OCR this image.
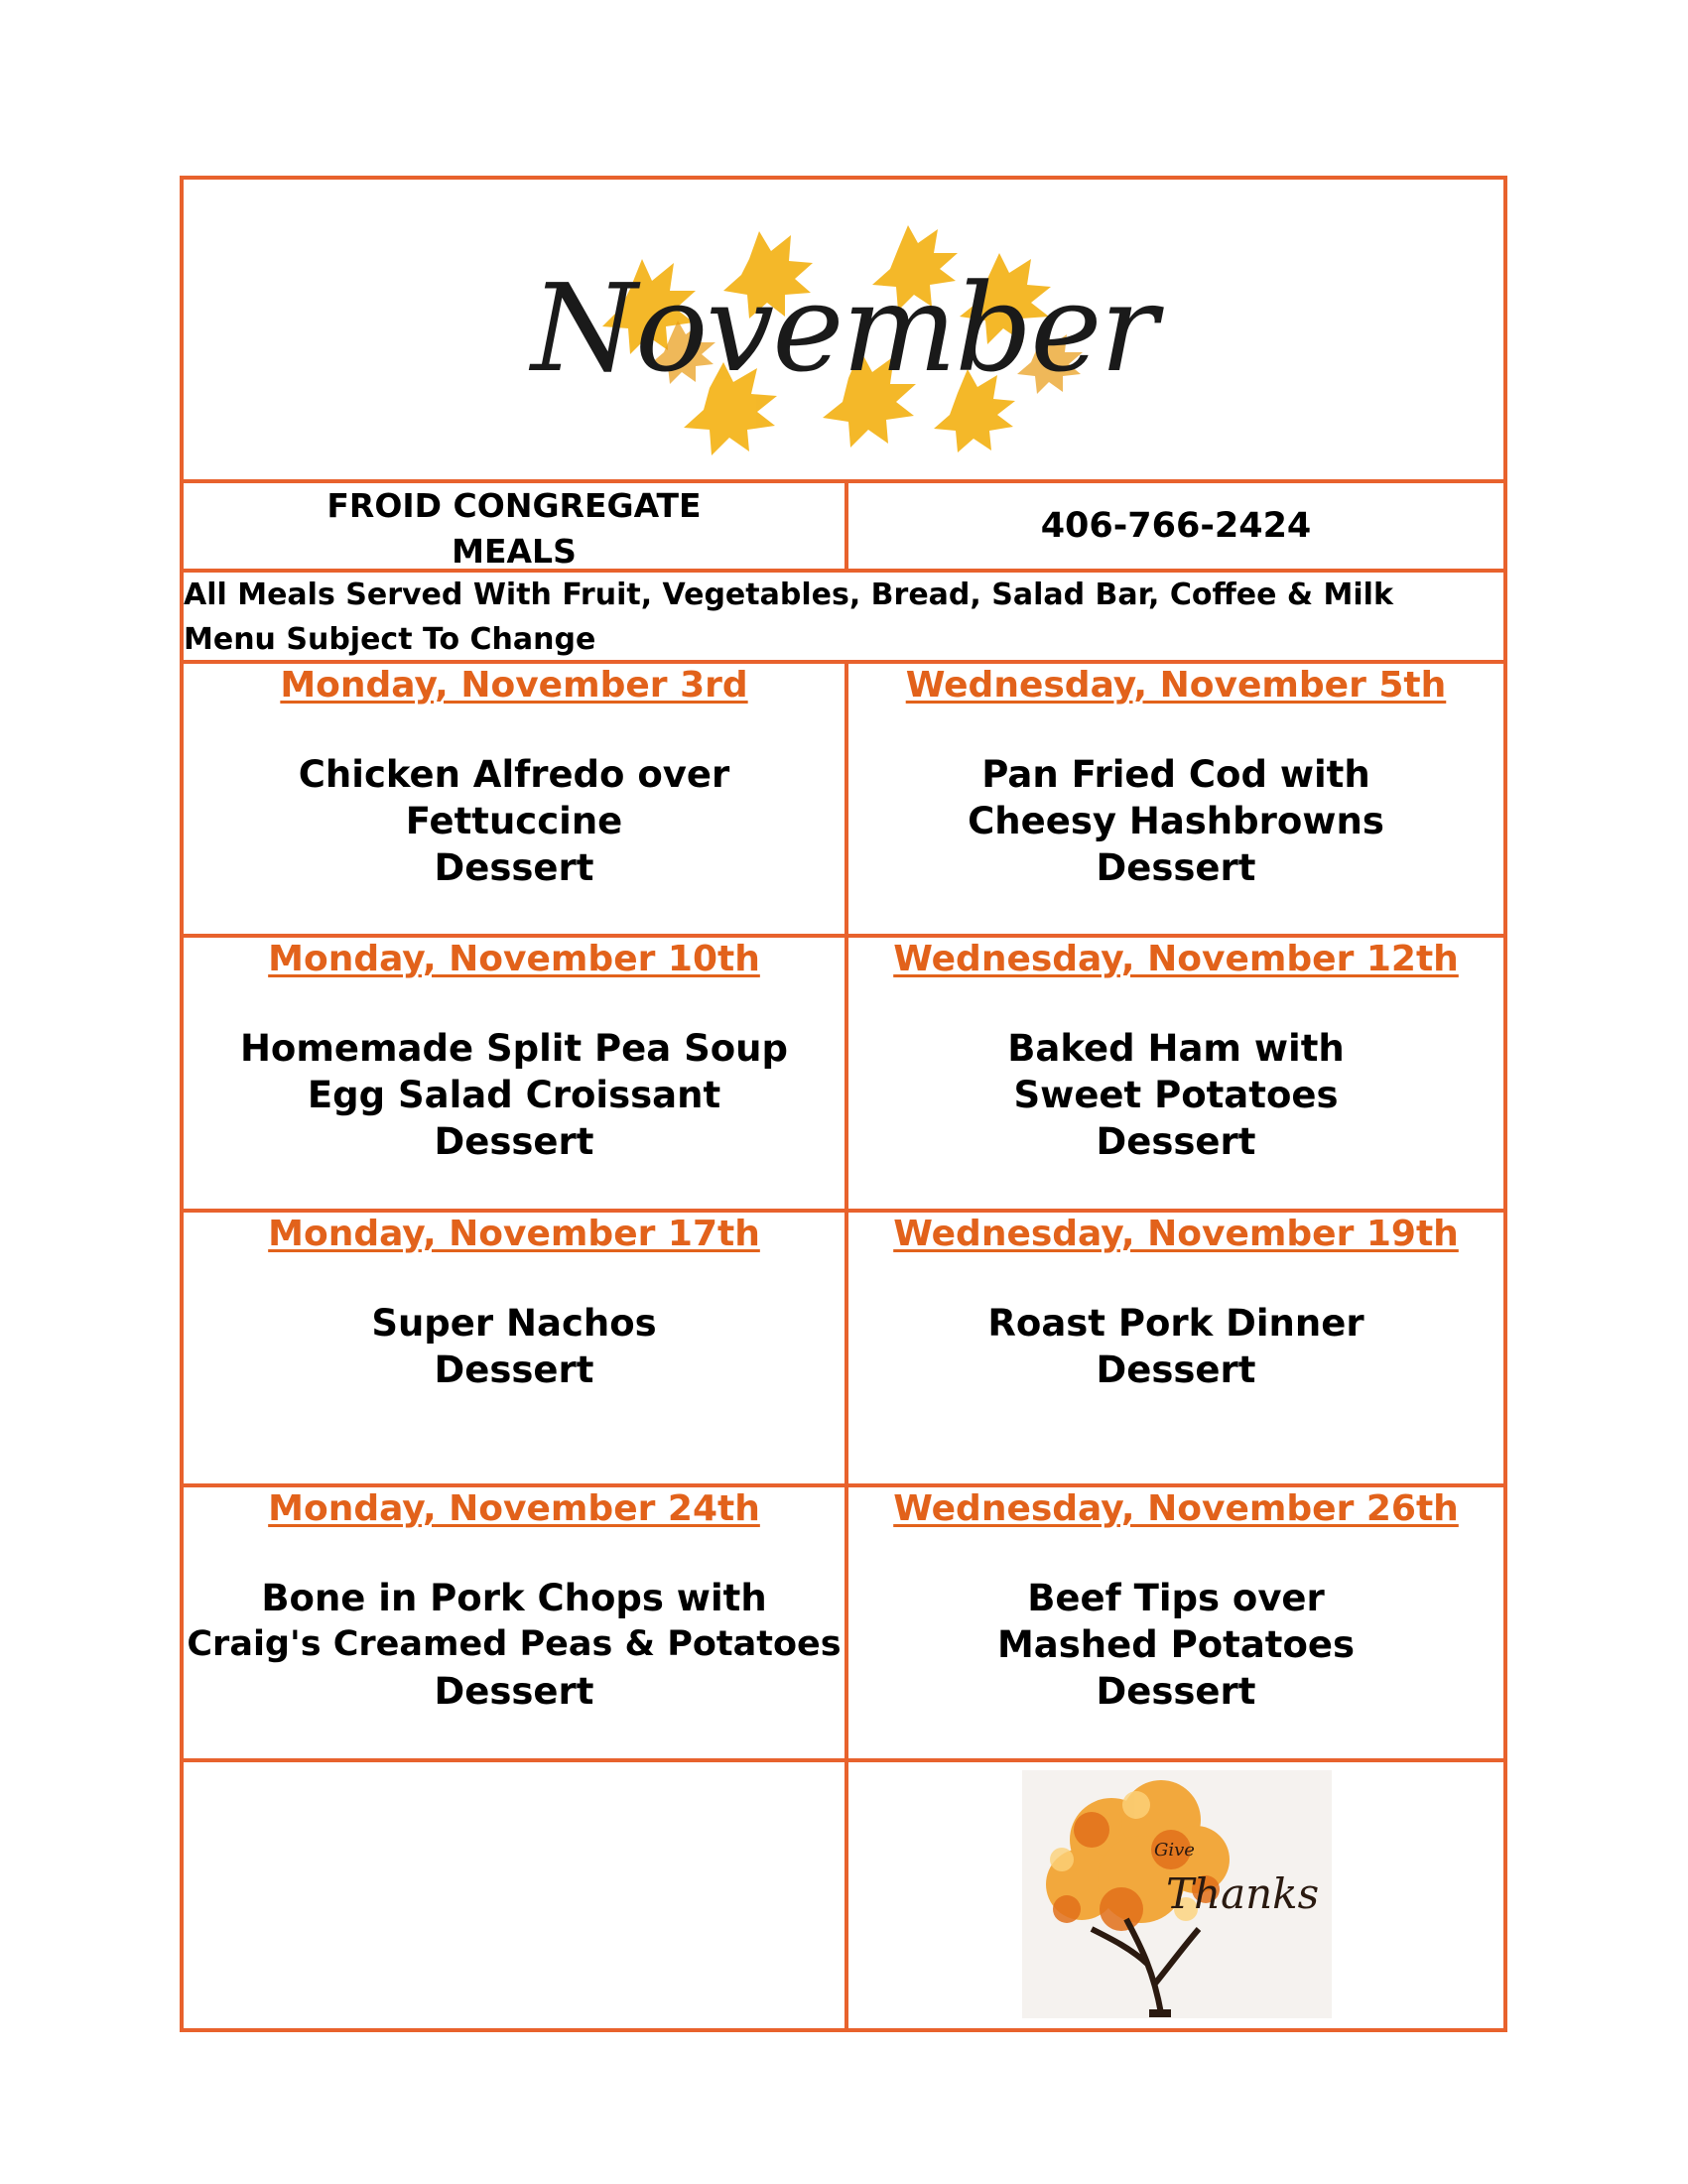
November
FROID CONGREGATE
MEALS
406-766-2424
All Meals Served With Fruit, Vegetables, Bread, Salad Bar, Coffee & Milk
Menu Subject To Change
Monday, November 3rd
Chicken Alfredo over
Fettuccine
Dessert
Wednesday, November 5th
Pan Fried Cod with
Cheesy Hashbrowns
Dessert
Monday, November 10th
Homemade Split Pea Soup
Egg Salad Croissant
Dessert
Wednesday, November 12th
Baked Ham with
Sweet Potatoes
Dessert
Monday, November 17th
Super Nachos
Dessert
Wednesday, November 19th
Roast Pork Dinner
Dessert
Monday, November 24th
Bone in Pork Chops with
Craig's Creamed Peas & Potatoes
Dessert
Wednesday, November 26th
Beef Tips over
Mashed Potatoes
Dessert
Give
Thanks
